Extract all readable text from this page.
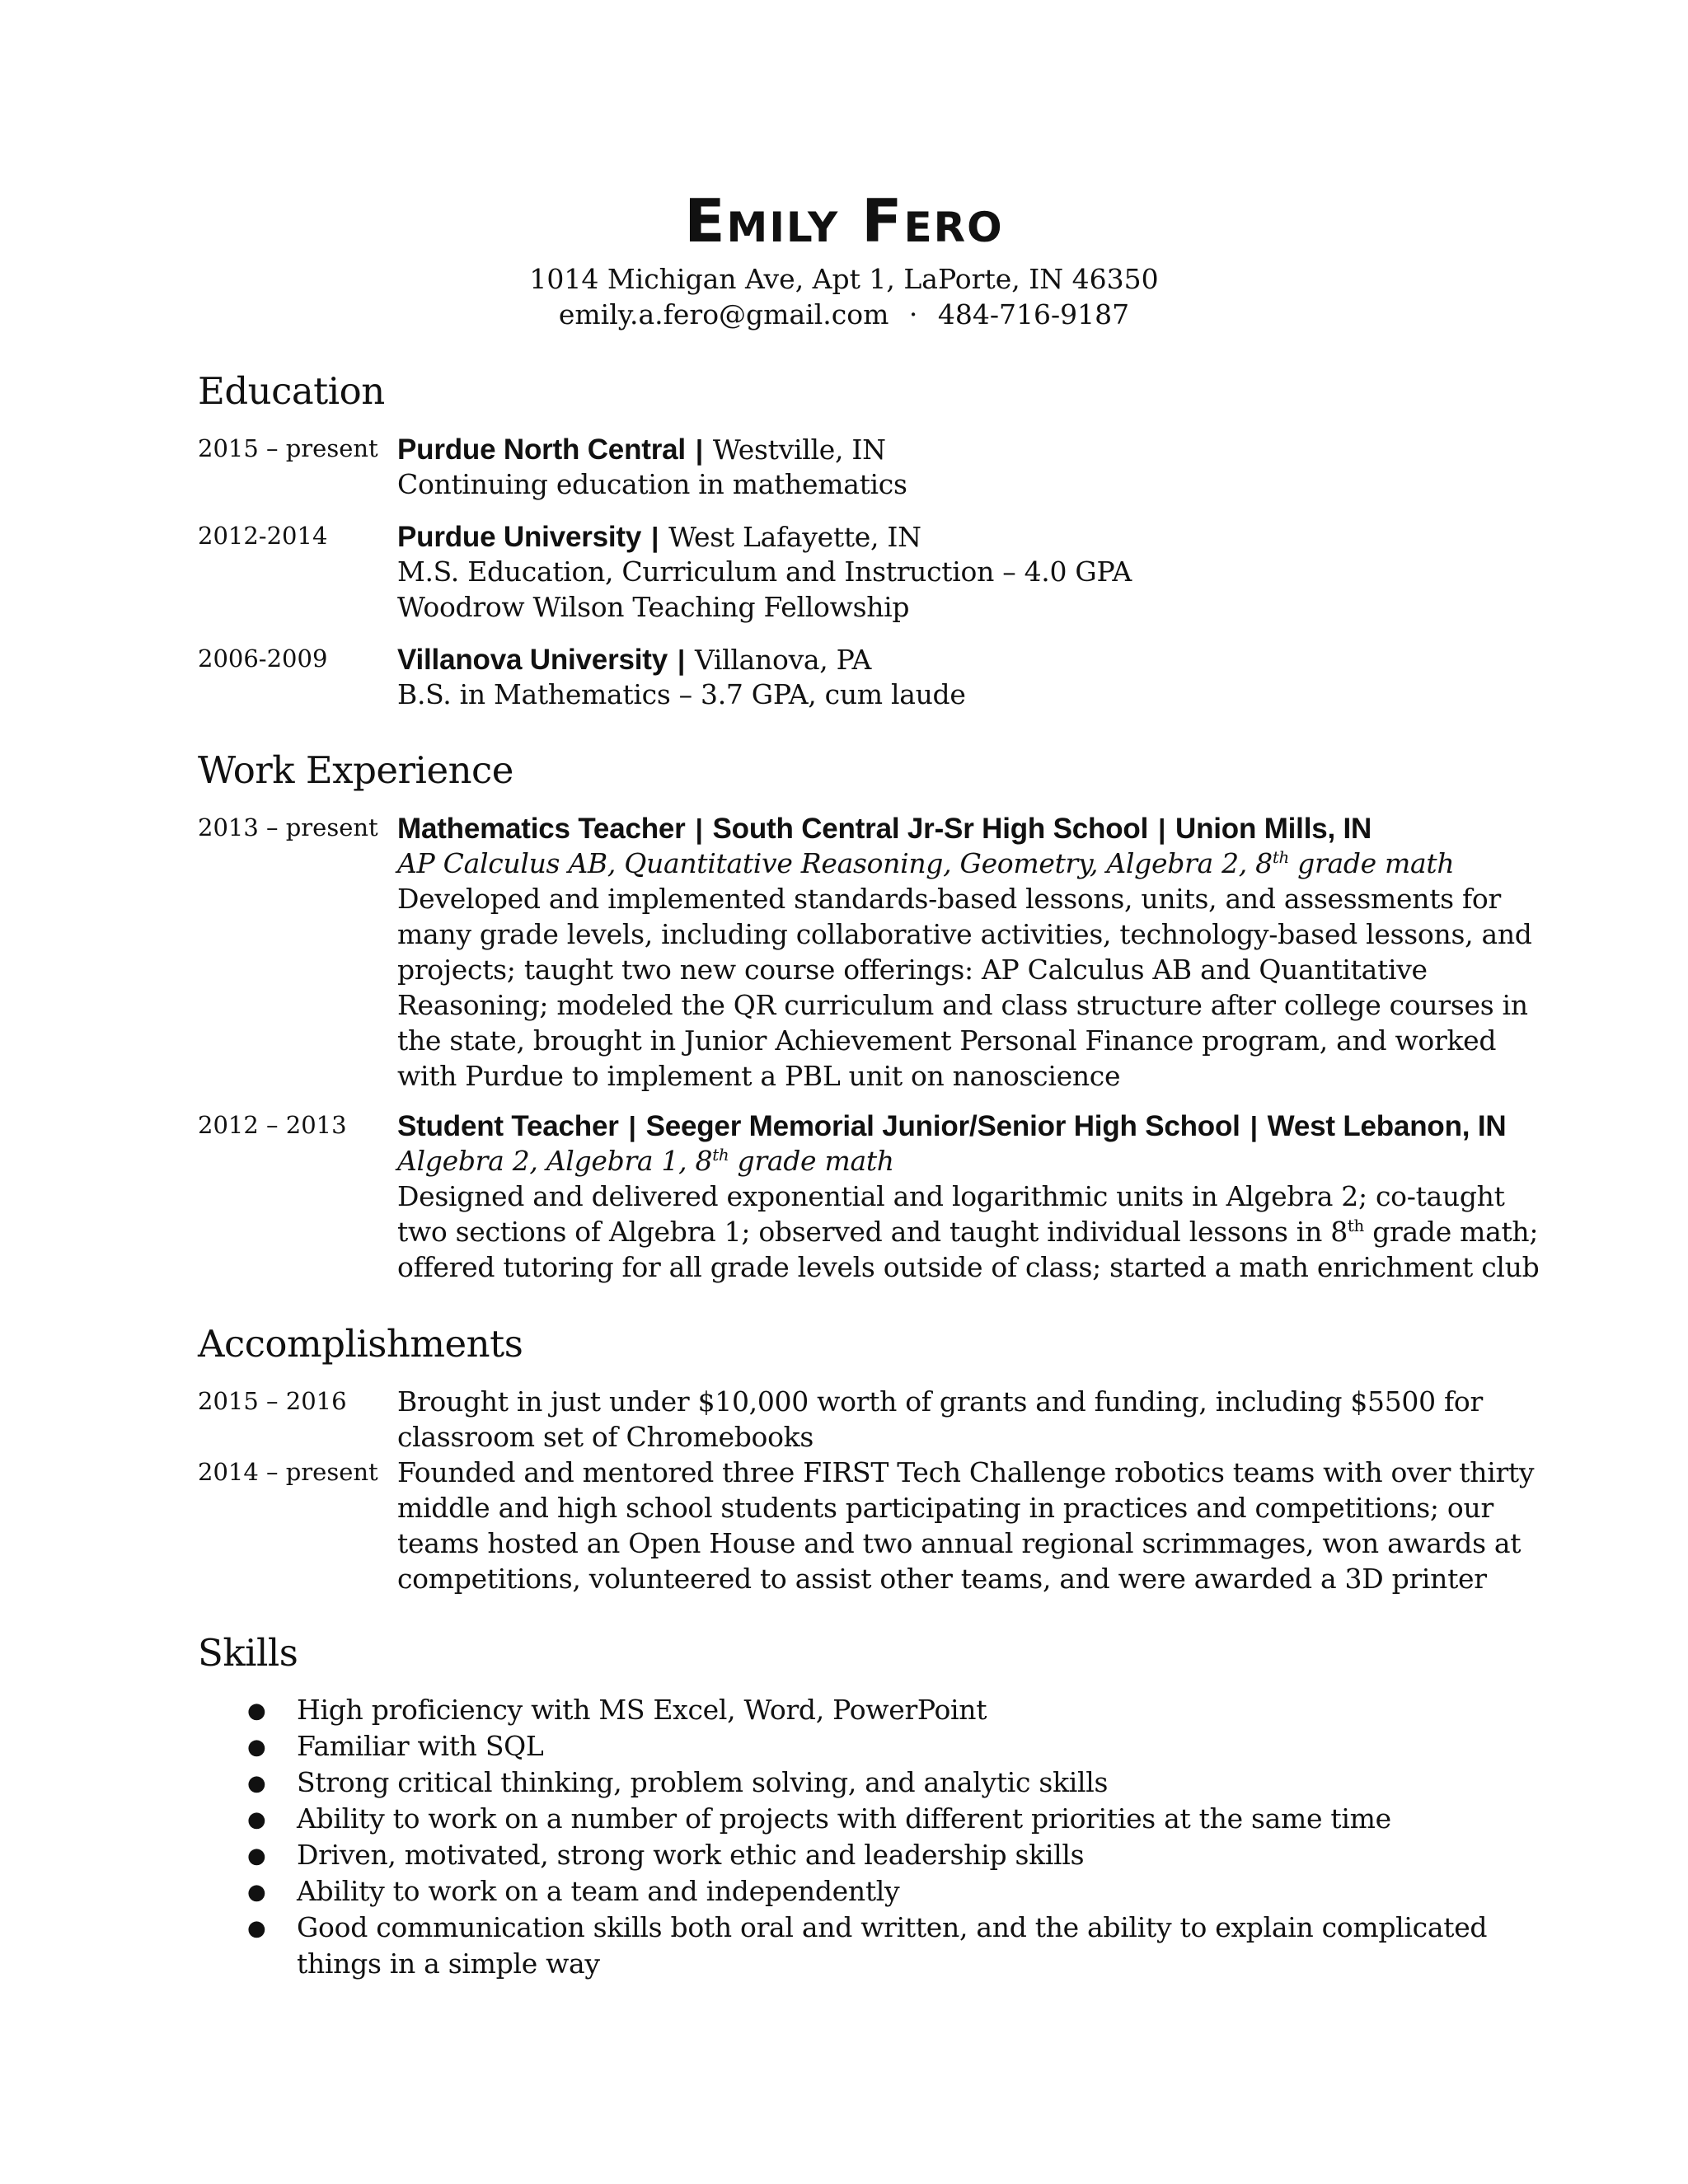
Emily Fero
1014 Michigan Ave, Apt 1, LaPorte, IN 46350
emily.a.fero@gmail.com · 484-716-9187
Education
2015 – present Purdue North Central | Westville, IN
Continuing education in mathematics
2012-2014 Purdue University | West Lafayette, IN
M.S. Education, Curriculum and Instruction – 4.0 GPA
Woodrow Wilson Teaching Fellowship
2006-2009 Villanova University | Villanova, PA
B.S. in Mathematics – 3.7 GPA, cum laude
Work Experience
2013 – present Mathematics Teacher | South Central Jr-Sr High School | Union Mills, IN
AP Calculus AB, Quantitative Reasoning, Geometry, Algebra 2, 8th grade math
Developed and implemented standards-based lessons, units, and assessments for
many grade levels, including collaborative activities, technology-based lessons, and
projects; taught two new course offerings: AP Calculus AB and Quantitative
Reasoning; modeled the QR curriculum and class structure after college courses in
the state, brought in Junior Achievement Personal Finance program, and worked
with Purdue to implement a PBL unit on nanoscience
2012 – 2013 Student Teacher | Seeger Memorial Junior/Senior High School | West Lebanon, IN
Algebra 2, Algebra 1, 8th grade math
Designed and delivered exponential and logarithmic units in Algebra 2; co-taught
two sections of Algebra 1; observed and taught individual lessons in 8th grade math;
offered tutoring for all grade levels outside of class; started a math enrichment club
Accomplishments
2015 – 2016 Brought in just under $10,000 worth of grants and funding, including $5500 for
classroom set of Chromebooks
2014 – present Founded and mentored three FIRST Tech Challenge robotics teams with over thirty
middle and high school students participating in practices and competitions; our
teams hosted an Open House and two annual regional scrimmages, won awards at
competitions, volunteered to assist other teams, and were awarded a 3D printer
Skills
● High proficiency with MS Excel, Word, PowerPoint
● Familiar with SQL
● Strong critical thinking, problem solving, and analytic skills
● Ability to work on a number of projects with different priorities at the same time
● Driven, motivated, strong work ethic and leadership skills
● Ability to work on a team and independently
● Good communication skills both oral and written, and the ability to explain complicated
things in a simple way
